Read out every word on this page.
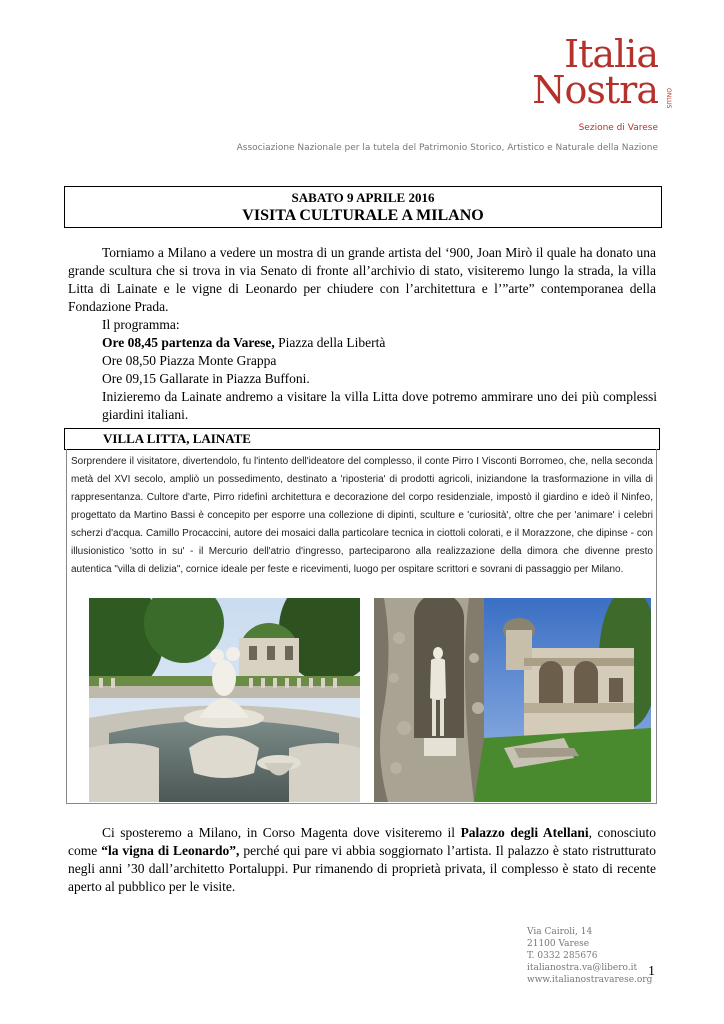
Italia
Nostra ONLUS
Sezione di Varese
Associazione Nazionale per la tutela del Patrimonio Storico, Artistico e Naturale della Nazione
SABATO 9 APRILE 2016
VISITA CULTURALE A MILANO
Torniamo a Milano a vedere un mostra di un grande artista del ‘900, Joan Mirò il quale ha donato una grande scultura che si trova in via Senato di fronte all’archivio di stato, visiteremo lungo la strada, la villa Litta di Lainate e le vigne di Leonardo per chiudere con l’architettura e l’”arte” contemporanea della Fondazione Prada.
Il programma:
Ore 08,45 partenza da Varese, Piazza della Libertà
Ore 08,50 Piazza Monte Grappa
Ore 09,15 Gallarate in Piazza Buffoni.
Inizieremo da Lainate andremo a visitare la villa Litta dove potremo ammirare uno dei più complessi giardini italiani.
VILLA LITTA, LAINATE
Sorprendere il visitatore, divertendolo, fu l'intento dell'ideatore del complesso, il conte Pirro I Visconti Borromeo, che, nella seconda metà del XVI secolo, ampliò un possedimento, destinato a 'riposteria' di prodotti agricoli, iniziandone la trasformazione in villa di rappresentanza. Cultore d'arte, Pirro ridefinì architettura e decorazione del corpo residenziale, impostò il giardino e ideò il Ninfeo, progettato da Martino Bassi è concepito per esporre una collezione di dipinti, sculture e 'curiosità', oltre che per 'animare' i celebri scherzi d'acqua. Camillo Procaccini, autore dei mosaici dalla particolare tecnica in ciottoli colorati, e il Morazzone, che dipinse - con illusionistico 'sotto in su' - il Mercurio dell'atrio d'ingresso, parteciparono alla realizzazione della dimora che divenne presto autentica "villa di delizia", cornice ideale per feste e ricevimenti, luogo per ospitare scrittori e sovrani di passaggio per Milano.
Ci sposteremo a Milano, in Corso Magenta dove visiteremo il Palazzo degli Atellani, conosciuto come “la vigna di Leonardo”, perché qui pare vi abbia soggiornato l’artista. Il palazzo è stato ristrutturato negli anni ’30 dall’architetto Portaluppi. Pur rimanendo di proprietà privata, il complesso è stato di recente aperto al pubblico per le visite.
Via Cairoli, 14
21100 Varese
T. 0332 285676
italianostra.va@libero.it
www.italianostravarese.org
1
